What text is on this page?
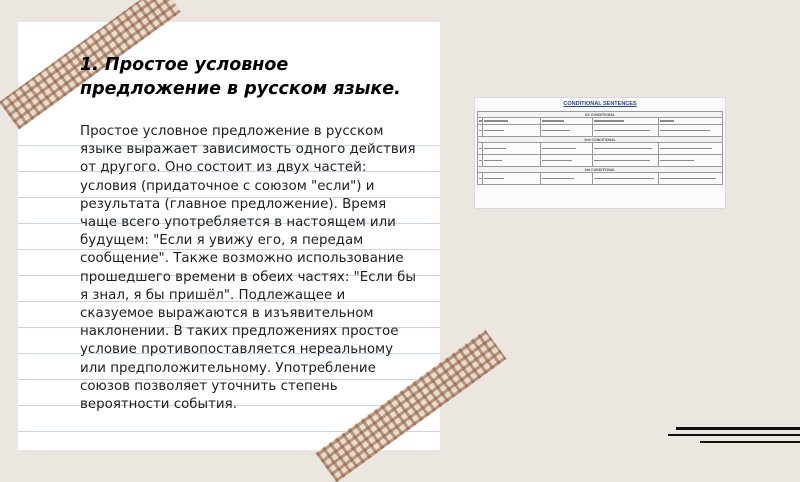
1. Простое условное предложение в русском языке.

Простое условное предложение в русском языке выражает зависимость одного действия от другого. Оно состоит из двух частей: условия (придаточное с союзом "если") и результата (главное предложение). Время чаще всего употребляется в настоящем или будущем: "Если я увижу его, я передам сообщение". Также возможно использование прошедшего времени в обеих частях: "Если бы я знал, я бы пришёл". Подлежащее и сказуемое выражаются в изъявительном наклонении. В таких предложениях простое условие противопоставляется нереальному или предположительному. Употребление союзов позволяет уточнить степень вероятности события.

CONDITIONAL SENTENCES
0/1 CONDITIONAL				

2nd CONDITIONAL				

3rd CONDITIONAL				
